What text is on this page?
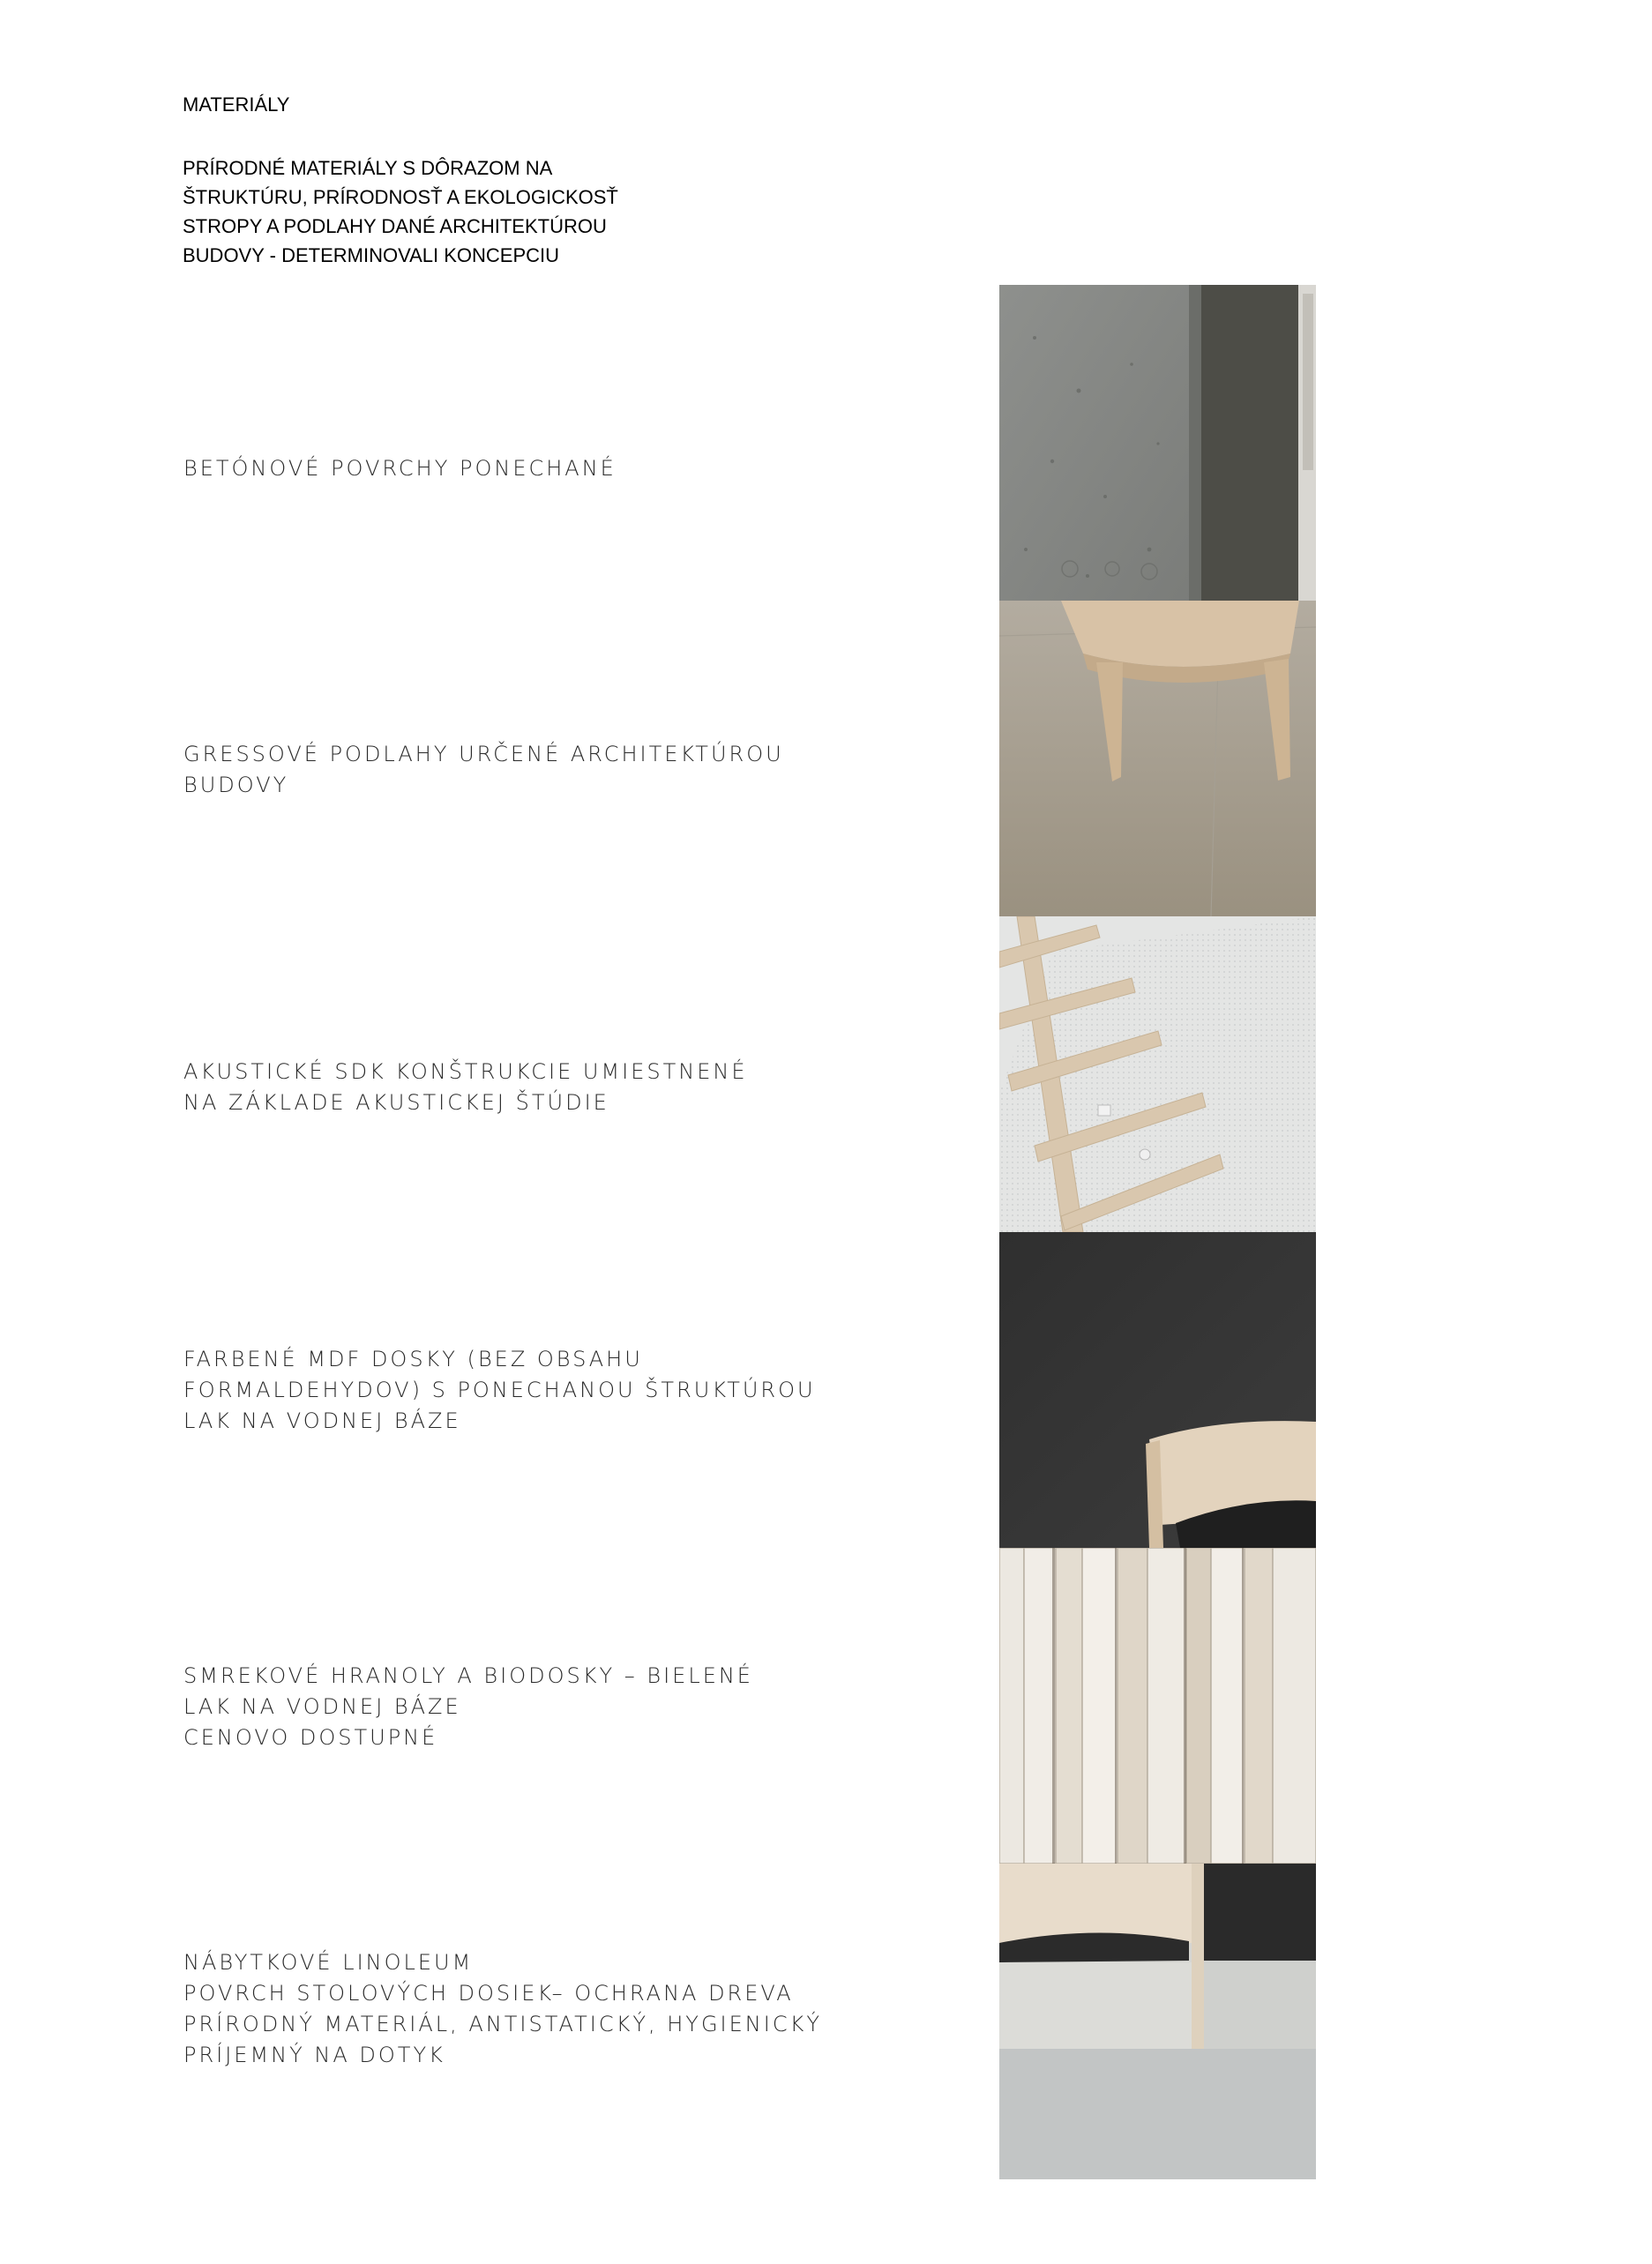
MATERIÁLY
PRÍRODNÉ MATERIÁLY S DÔRAZOM NA
ŠTRUKTÚRU, PRÍRODNOSŤ A EKOLOGICKOSŤ
STROPY A PODLAHY DANÉ ARCHITEKTÚROU
BUDOVY - DETERMINOVALI KONCEPCIU
BETÓNOVÉ POVRCHY PONECHANÉ
GRESSOVÉ PODLAHY URČENÉ ARCHITEKTÚROU
BUDOVY
AKUSTICKÉ SDK KONŠTRUKCIE UMIESTNENÉ
NA ZÁKLADE AKUSTICKEJ ŠTÚDIE
FARBENÉ MDF DOSKY (BEZ OBSAHU
FORMALDEHYDOV) S PONECHANOU ŠTRUKTÚROU
LAK NA VODNEJ BÁZE
SMREKOVÉ HRANOLY A BIODOSKY – BIELENÉ
LAK NA VODNEJ BÁZE
CENOVO DOSTUPNÉ
NÁBYTKOVÉ LINOLEUM
POVRCH STOLOVÝCH DOSIEK– OCHRANA DREVA
PRÍRODNÝ MATERIÁL, ANTISTATICKÝ, HYGIENICKÝ
PRÍJEMNÝ NA DOTYK
